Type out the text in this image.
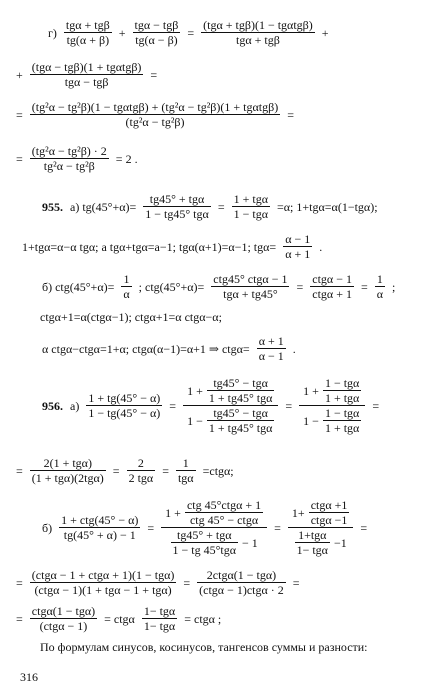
$г) \frac{\text{tgα + tgβ}}{tg(\alpha + \beta)} + \frac{\text{tgα − tgβ}}{tg(\alpha - \beta)} = \frac{\text{(tgα + tgβ)(1 − tgαtgβ)}}{\text{tgα + tgβ}}$ +
+ $\frac{\text{(tgα − tgβ)(1 + tgαtgβ)}}{\text{tgα − tgβ}}$ =
= $\frac{\text{(tg²α − tg²β)(1 − tgαtgβ) + (tg²α − tg²β)(1 + tgαtgβ)}}{\text{(tg²α − tg²β)}}$ =
= $\frac{\text{(tg²α − tg²β) · 2}}{\text{tg²α − tg²β}} = 2$ .
955. а) $tg(45^\circ+\alpha)= \frac{\text{tg45° + tgα}}{\text{1 − tg45° tgα}} = \frac{\text{1 + tgα}}{\text{1 − tgα}} =\alpha$; 1+tgα=α(1−tgα);
1+tgα=α−α tgα; а tgα+tgα=a−1; tgα(α+1)=α−1; $tg\alpha= \frac{\alpha - 1}{\alpha + 1}$ .
б) $ctg(45^\circ+\alpha)= \frac{1}{\alpha}$ ; $ctg(45^\circ+\alpha)= \frac{\text{ctg45° ctgα − 1}}{\text{tgα + tg45°}} = \frac{\text{ctgα − 1}}{\text{ctgα + 1}} = \frac{1}{\alpha}$ ;
ctgα+1=α(ctgα−1); ctgα+1=α ctgα−α;
α ctgα−ctgα=1+α; ctgα(α−1)=α+1 ⇒ $ctg\alpha= \frac{\alpha + 1}{\alpha - 1}$ .
956. $а) \frac{1 + tg(45^\circ - \alpha)}{1 - tg(45^\circ - \alpha)} = \frac{1 + \frac{\text{tg45° − tgα}}{\text{1 + tg45° tgα}}}{1 - \frac{\text{tg45° − tgα}}{\text{1 + tg45° tgα}}} = \frac{1 + \frac{\text{1 − tgα}}{\text{1 + tgα}}}{1 - \frac{\text{1 − tgα}}{\text{1 + tgα}}}$ =
= $\frac{\text{2(1 + tgα)}}{\text{(1 + tgα)(2tgα)}} = \frac{2}{\text{2 tgα}} = \frac{1}{\text{tgα}} =ctg\alpha$;
$б) \frac{\text{1 + ctg(45° − α)}}{tg(45^\circ + \alpha) - 1} = \frac{1 + \frac{\text{ctg 45°ctgα + 1}}{\text{ctg 45° − ctgα}}}{\frac{\text{tg45° + tgα}}{\text{1 − tg 45°tgα}} - 1} = \frac{1+ \frac{\text{ctgα +1}}{\text{ctgα −1}}}{\frac{\text{1+tgα}}{\text{1− tgα}} -1}$ =
= $\frac{\text{(ctgα − 1 + ctgα + 1)(1 − tgα)}}{\text{(ctgα − 1)(1 + tgα − 1 + tgα)}} = \frac{\text{2ctgα(1 − tgα)}}{\text{(ctgα − 1)ctgα · 2}}$ =
= $\frac{\text{ctgα(1 − tgα)}}{\text{(ctgα − 1)}} = ctg\alpha \frac{\text{1− tgα}}{\text{1− tgα}} = ctg\alpha$ ;
По формулам синусов, косинусов, тангенсов суммы и разности:
316
